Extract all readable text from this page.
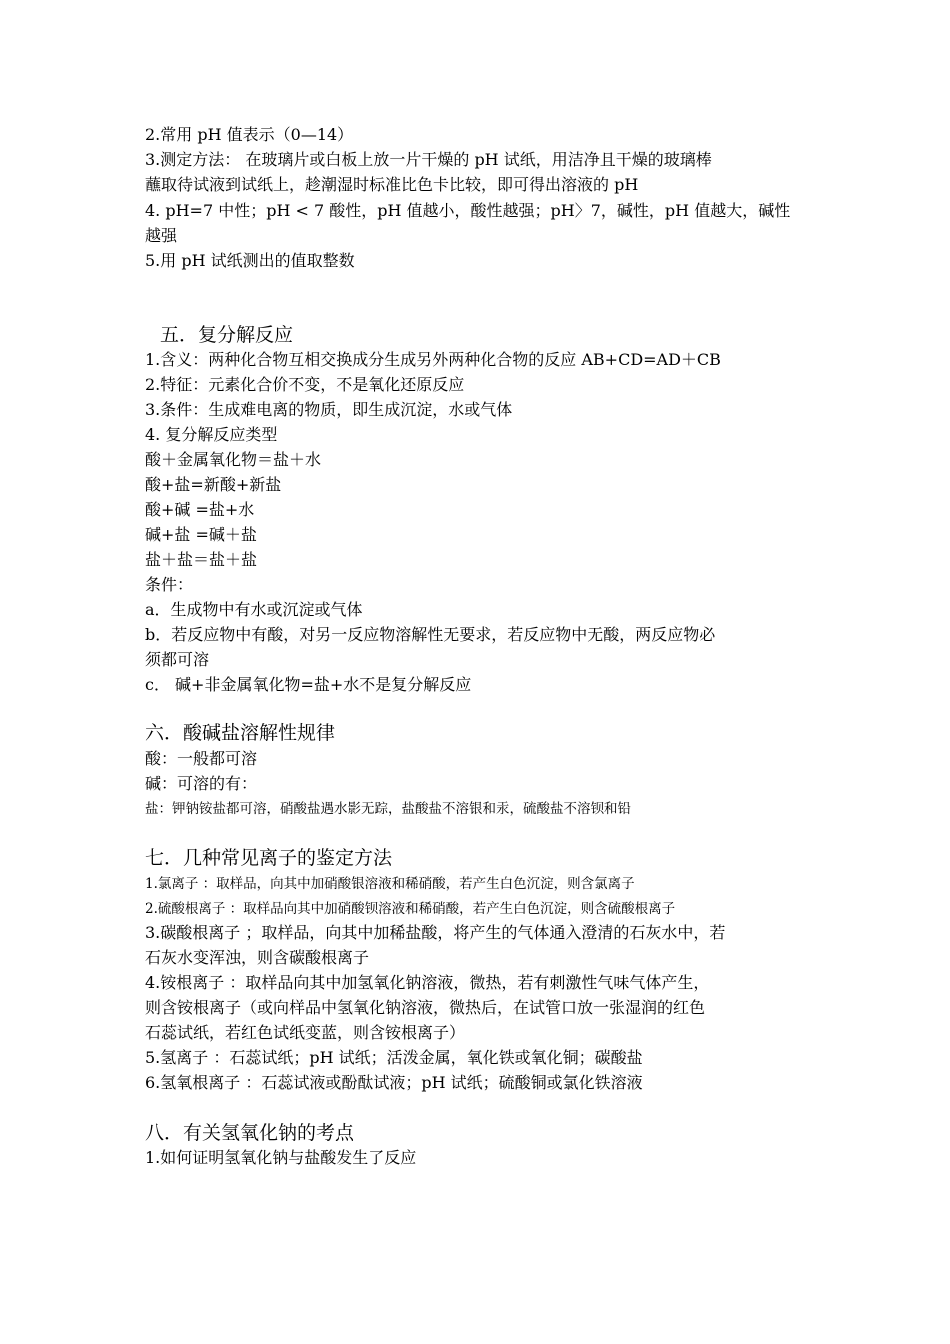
2.常用 pH 值表示（0—14）
3.测定方法： 在玻璃片或白板上放一片干燥的 pH 试纸，用洁净且干燥的玻璃棒
蘸取待试液到试纸上，趁潮湿时标准比色卡比较，即可得出溶液的 pH
4. pH=7 中性；pH < 7 酸性，pH 值越小，酸性越强；pH〉7，碱性，pH 值越大，碱性
越强
5.用 pH 试纸测出的值取整数
五．复分解反应
1.含义：两种化合物互相交换成分生成另外两种化合物的反应 AB+CD=AD＋CB
2.特征：元素化合价不变，不是氧化还原反应
3.条件：生成难电离的物质，即生成沉淀，水或气体
4. 复分解反应类型
酸＋金属氧化物＝盐＋水
酸+盐=新酸+新盐
酸+碱 =盐+水
碱+盐 =碱＋盐
盐＋盐＝盐＋盐
条件：
a．生成物中有水或沉淀或气体
b．若反应物中有酸，对另一反应物溶解性无要求，若反应物中无酸，两反应物必
须都可溶
c． 碱+非金属氧化物=盐+水不是复分解反应
六．酸碱盐溶解性规律
酸：一般都可溶
碱：可溶的有：
盐：钾钠铵盐都可溶，硝酸盐遇水影无踪，盐酸盐不溶银和汞，硫酸盐不溶钡和铅
七．几种常见离子的鉴定方法
1.氯离子 ：取样品，向其中加硝酸银溶液和稀硝酸，若产生白色沉淀，则含氯离子
2.硫酸根离子 ：取样品向其中加硝酸钡溶液和稀硝酸，若产生白色沉淀，则含硫酸根离子
3.碳酸根离子 ；取样品，向其中加稀盐酸，将产生的气体通入澄清的石灰水中，若
石灰水变浑浊，则含碳酸根离子
4.铵根离子 ：取样品向其中加氢氧化钠溶液，微热，若有刺激性气味气体产生，
则含铵根离子（或向样品中氢氧化钠溶液，微热后，在试管口放一张湿润的红色
石蕊试纸，若红色试纸变蓝，则含铵根离子）
5.氢离子 ：石蕊试纸；pH 试纸；活泼金属，氧化铁或氧化铜；碳酸盐
6.氢氧根离子 ：石蕊试液或酚酞试液；pH 试纸；硫酸铜或氯化铁溶液
八．有关氢氧化钠的考点
1.如何证明氢氧化钠与盐酸发生了反应
